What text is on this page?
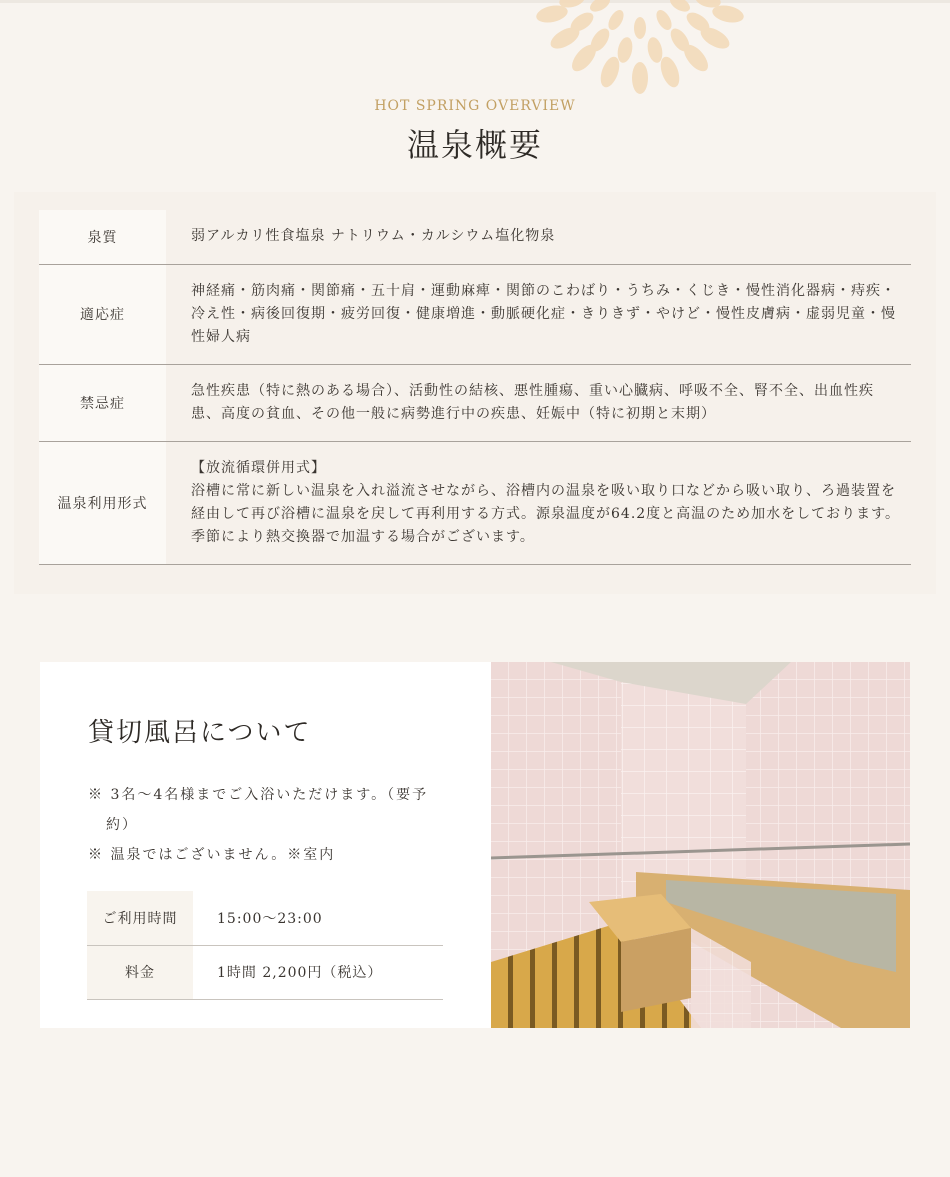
HOT SPRING OVERVIEW
温泉概要
泉質	弱アルカリ性食塩泉 ナトリウム・カルシウム塩化物泉
適応症	神経痛・筋肉痛・関節痛・五十肩・運動麻痺・関節のこわばり・うちみ・くじき・慢性消化器病・痔疾・冷え性・病後回復期・疲労回復・健康増進・動脈硬化症・きりきず・やけど・慢性皮膚病・虚弱児童・慢性婦人病
禁忌症	急性疾患（特に熱のある場合）、活動性の結核、悪性腫瘍、重い心臓病、呼吸不全、腎不全、出血性疾患、高度の貧血、その他一般に病勢進行中の疾患、妊娠中（特に初期と末期）
温泉利用形式	【放流循環併用式】
浴槽に常に新しい温泉を入れ溢流させながら、浴槽内の温泉を吸い取り口などから吸い取り、ろ過装置を経由して再び浴槽に温泉を戻して再利用する方式。源泉温度が64.2度と高温のため加水をしております。季節により熱交換器で加温する場合がございます。
貸切風呂について
※ 3名～4名様までご入浴いただけます。（要予約）
※ 温泉ではございません。※室内
ご利用時間	15:00～23:00
料金	1時間 2,200円（税込）
